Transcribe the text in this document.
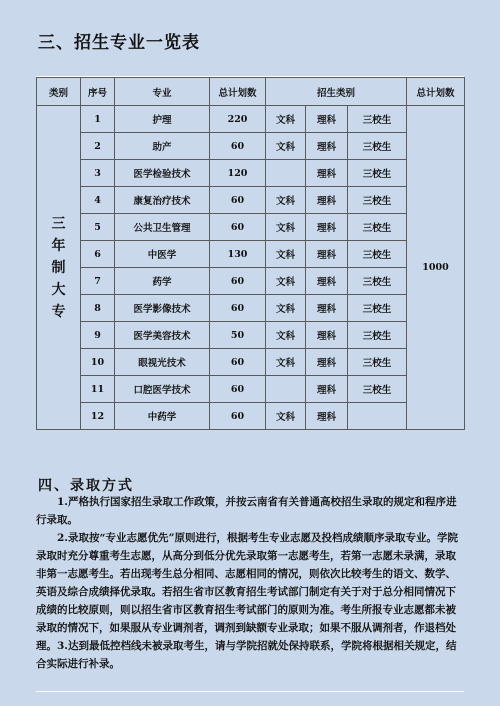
三、招生专业一览表
类别	序号	专业	总计划数	招生类别			总计划数

三
年
制
大
专	1	护理	220	文科	理科	三校生	1000
	2	助产	60	文科	理科	三校生	
	3	医学检验技术	120		理科	三校生	
	4	康复治疗技术	60	文科	理科	三校生	
	5	公共卫生管理	60	文科	理科	三校生	
	6	中医学	130	文科	理科	三校生	
	7	药学	60	文科	理科	三校生	
	8	医学影像技术	60	文科	理科	三校生	
	9	医学美容技术	50	文科	理科	三校生	
	10	眼视光技术	60	文科	理科	三校生	
	11	口腔医学技术	60		理科	三校生	
	12	中药学	60	文科	理科		
四、录取方式

1.严格执行国家招生录取工作政策，并按云南省有关普通高校招生录取的规定和程序进行录取。

2.录取按“专业志愿优先”原则进行，根据考生专业志愿及投档成绩顺序录取专业。学院录取时充分尊重考生志愿，从高分到低分优先录取第一志愿考生，若第一志愿未录满，录取非第一志愿考生。若出现考生总分相同、志愿相同的情况，则依次比较考生的语文、数学、英语及综合成绩择优录取。若招生省市区教育招生考试部门制定有关于对于总分相同情况下成绩的比较原则，则以招生省市区教育招生考试部门的原则为准。考生所报专业志愿都未被录取的情况下，如果服从专业调剂者，调剂到缺额专业录取；如果不服从调剂者，作退档处理。 3.达到最低控档线未被录取考生，请与学院招就处保持联系，学院将根据相关规定，结合实际进行补录。
